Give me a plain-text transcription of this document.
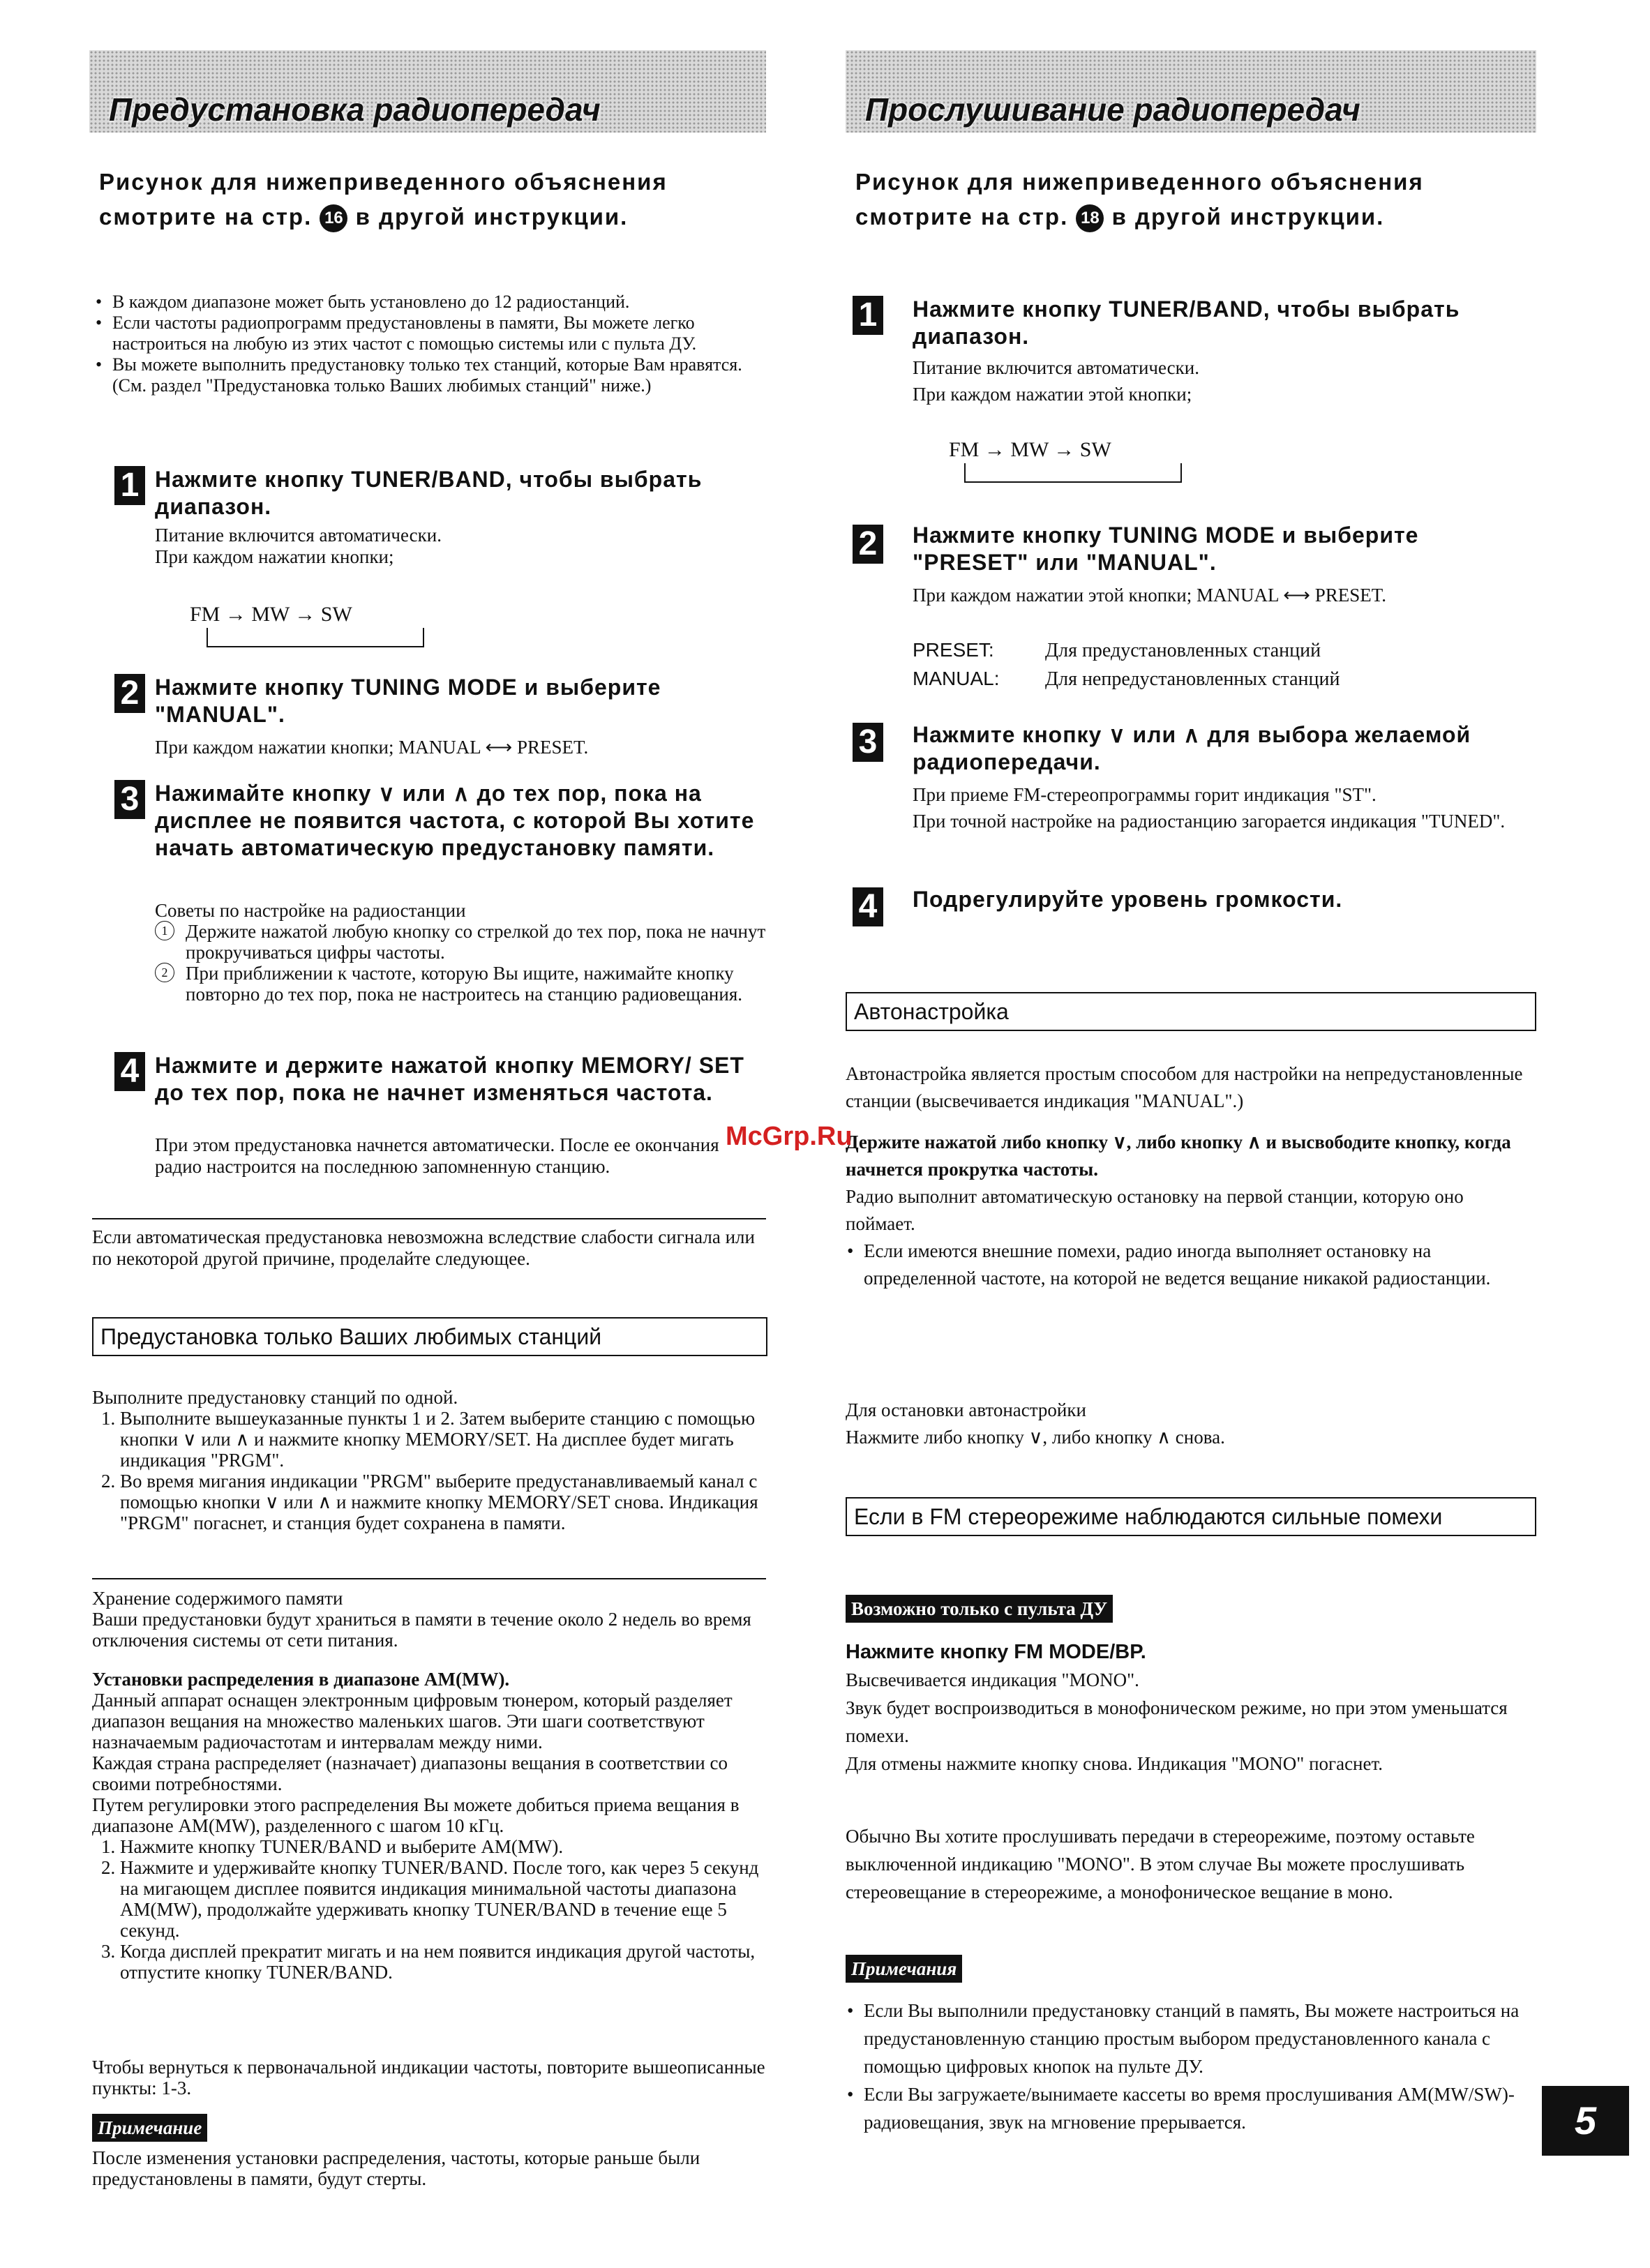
Предустановка радиопередач
Рисунок для нижеприведенного объяснения
смотрите на стр. 16 в другой инструкции.
• В каждом диапазоне может быть установлено до 12 радиостанций.
• Если частоты радиопрограмм предустановлены в памяти, Вы можете легко настроиться на любую из этих частот с помощью системы или с пульта ДУ.
• Вы можете выполнить предустановку только тех станций, которые Вам нравятся. (См. раздел "Предустановка только Ваших любимых станций" ниже.)
1 Нажмите кнопку TUNER/BAND, чтобы выбрать диапазон.
Питание включится автоматически.
При каждом нажатии кнопки;
FM → MW → SW
2 Нажмите кнопку TUNING MODE и выберите "MANUAL".
При каждом нажатии кнопки; MANUAL ⟷ PRESET.
3 Нажимайте кнопку ∨ или ∧ до тех пор, пока на дисплее не появится частота, с которой Вы хотите начать автоматическую предустановку памяти.
Советы по настройке на радиостанции
1 Держите нажатой любую кнопку со стрелкой до тех пор, пока не начнут прокручиваться цифры частоты.
2 При приближении к частоте, которую Вы ищите, нажимайте кнопку повторно до тех пор, пока не настроитесь на станцию радиовещания.
4 Нажмите и держите нажатой кнопку MEMORY/ SET до тех пор, пока не начнет изменяться частота.
При этом предустановка начнется автоматически. После ее окончания радио настроится на последнюю запомненную станцию.
Если автоматическая предустановка невозможна вследствие слабости сигнала или по некоторой другой причине, проделайте следующее.
Предустановка только Ваших любимых станций
Выполните предустановку станций по одной.
1. Выполните вышеуказанные пункты 1 и 2. Затем выберите станцию с помощью кнопки ∨ или ∧ и нажмите кнопку MEMORY/SET. На дисплее будет мигать индикация "PRGM".
2. Во время мигания индикации "PRGM" выберите предустанавливаемый канал с помощью кнопки ∨ или ∧ и нажмите кнопку MEMORY/SET снова. Индикация "PRGM" погаснет, и станция будет сохранена в памяти.
Хранение содержимого памяти
Ваши предустановки будут храниться в памяти в течение около 2 недель во время отключения системы от сети питания.
Установки распределения в диапазоне AM(MW).
Данный аппарат оснащен электронным цифровым тюнером, который разделяет диапазон вещания на множество маленьких шагов. Эти шаги соответствуют назначаемым радиочастотам и интервалам между ними.
Каждая страна распределяет (назначает) диапазоны вещания в соответствии со своими потребностями.
Путем регулировки этого распределения Вы можете добиться приема вещания в диапазоне AM(MW), разделенного с шагом 10 кГц.
1. Нажмите кнопку TUNER/BAND и выберите AM(MW).
2. Нажмите и удерживайте кнопку TUNER/BAND. После того, как через 5 секунд на мигающем дисплее появится индикация минимальной частоты диапазона AM(MW), продолжайте удерживать кнопку TUNER/BAND в течение еще 5 секунд.
3. Когда дисплей прекратит мигать и на нем появится индикация другой частоты, отпустите кнопку TUNER/BAND.
Чтобы вернуться к первоначальной индикации частоты, повторите вышеописанные пункты: 1-3.
Примечание
После изменения установки распределения, частоты, которые раньше были предустановлены в памяти, будут стерты.
Прослушивание радиопередач
Рисунок для нижеприведенного объяснения
смотрите на стр. 18 в другой инструкции.
1 Нажмите кнопку TUNER/BAND, чтобы выбрать диапазон.
Питание включится автоматически.
При каждом нажатии этой кнопки;
FM → MW → SW
2 Нажмите кнопку TUNING MODE и выберите "PRESET" или "MANUAL".
При каждом нажатии этой кнопки; MANUAL ⟷ PRESET.
PRESET:	Для предустановленных станций
MANUAL: Для непредустановленных станций
3 Нажмите кнопку ∨ или ∧ для выбора желаемой радиопередачи.
При приеме FM-стереопрограммы горит индикация "ST".
При точной настройке на радиостанцию загорается индикация "TUNED".
4 Подрегулируйте уровень громкости.
Автонастройка
Автонастройка является простым способом для настройки на непредустановленные станции (высвечивается индикация "MANUAL".)
Держите нажатой либо кнопку ∨, либо кнопку ∧ и высвободите кнопку, когда начнется прокрутка частоты.
Радио выполнит автоматическую остановку на первой станции, которую оно поймает.
• Если имеются внешние помехи, радио иногда выполняет остановку на определенной частоте, на которой не ведется вещание никакой радиостанции.
Для остановки автонастройки
Нажмите либо кнопку ∨, либо кнопку ∧ снова.
Если в FM стереорежиме наблюдаются сильные помехи
Возможно только с пульта ДУ
Нажмите кнопку FM MODE/BP.
Высвечивается индикация "MONO".
Звук будет воспроизводиться в монофоническом режиме, но при этом уменьшатся помехи.
Для отмены нажмите кнопку снова. Индикация "MONO" погаснет.
Обычно Вы хотите прослушивать передачи в стереорежиме, поэтому оставьте выключенной индикацию "MONO". В этом случае Вы можете прослушивать стереовещание в стереорежиме, а монофоническое вещание в моно.
Примечания
• Если Вы выполнили предустановку станций в память, Вы можете настроиться на предустановленную станцию простым выбором предустановленного канала с помощью цифровых кнопок на пульте ДУ.
• Если Вы загружаете/вынимаете кассеты во время прослушивания AM(MW/SW)-радиовещания, звук на мгновение прерывается.
McGrp.Ru
5
